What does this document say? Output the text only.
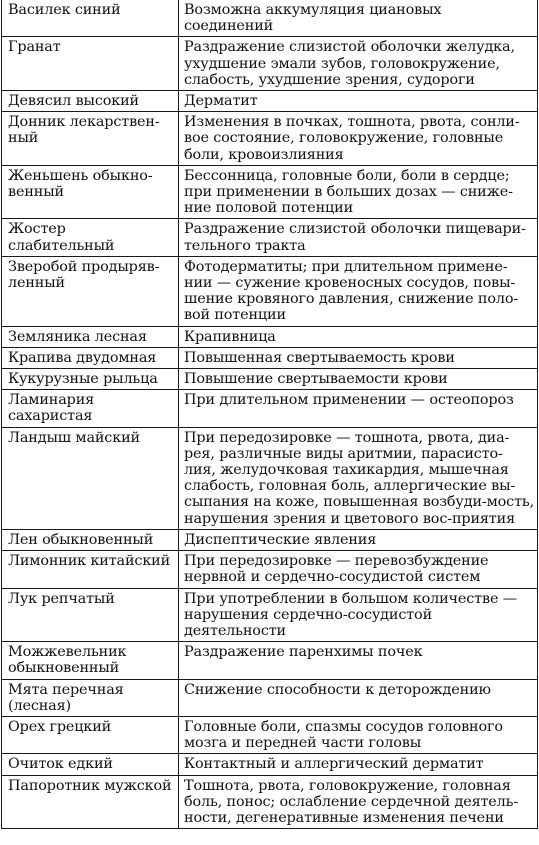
Василек синий	Возможна аккумуляция циановых соединений
Гранат	Раздражение слизистой оболочки желудка, ухудшение эмали зубов, головокружение, слабость, ухудшение зрения, судороги
Девясил высокий	Дерматит
Донник лекарствен-ный	Изменения в почках, тошнота, рвота, сонли-вое состояние, головокружение, головные боли, кровоизлияния
Женьшень обыкно-венный	Бессонница, головные боли, боли в сердце; при применении в больших дозах — сниже-ние половой потенции
Жостер слабительный	Раздражение слизистой оболочки пищевари-тельного тракта
Зверобой продыряв-ленный	Фотодерматиты; при длительном примене-нии — сужение кровеносных сосудов, повы-шение кровяного давления, снижение поло-вой потенции
Земляника лесная	Крапивница
Крапива двудомная	Повышенная свертываемость крови
Кукурузные рыльца	Повышение свертываемости крови
Ламинария сахаристая	При длительном применении — остеопороз
Ландыш майский	При передозировке — тошнота, рвота, диа-рея, различные виды аритмии, парасисто-лия, желудочковая тахикардия, мышечная слабость, головная боль, аллергические вы-сыпания на коже, повышенная возбуди-мость, нарушения зрения и цветового вос-приятия
Лен обыкновенный	Диспептические явления
Лимонник китайский	При передозировке — перевозбуждение нервной и сердечно-сосудистой систем
Лук репчатый	При употреблении в большом количестве — нарушения сердечно-сосудистой деятельности
Можжевельник обыкновенный	Раздражение паренхимы почек
Мята перечная (лесная)	Снижение способности к деторождению
Орех грецкий	Головные боли, спазмы сосудов головного мозга и передней части головы
Очиток едкий	Контактный и аллергический дерматит
Папоротник мужской	Тошнота, рвота, головокружение, головная боль, понос; ослабление сердечной деятель-ности, дегенеративные изменения печени
